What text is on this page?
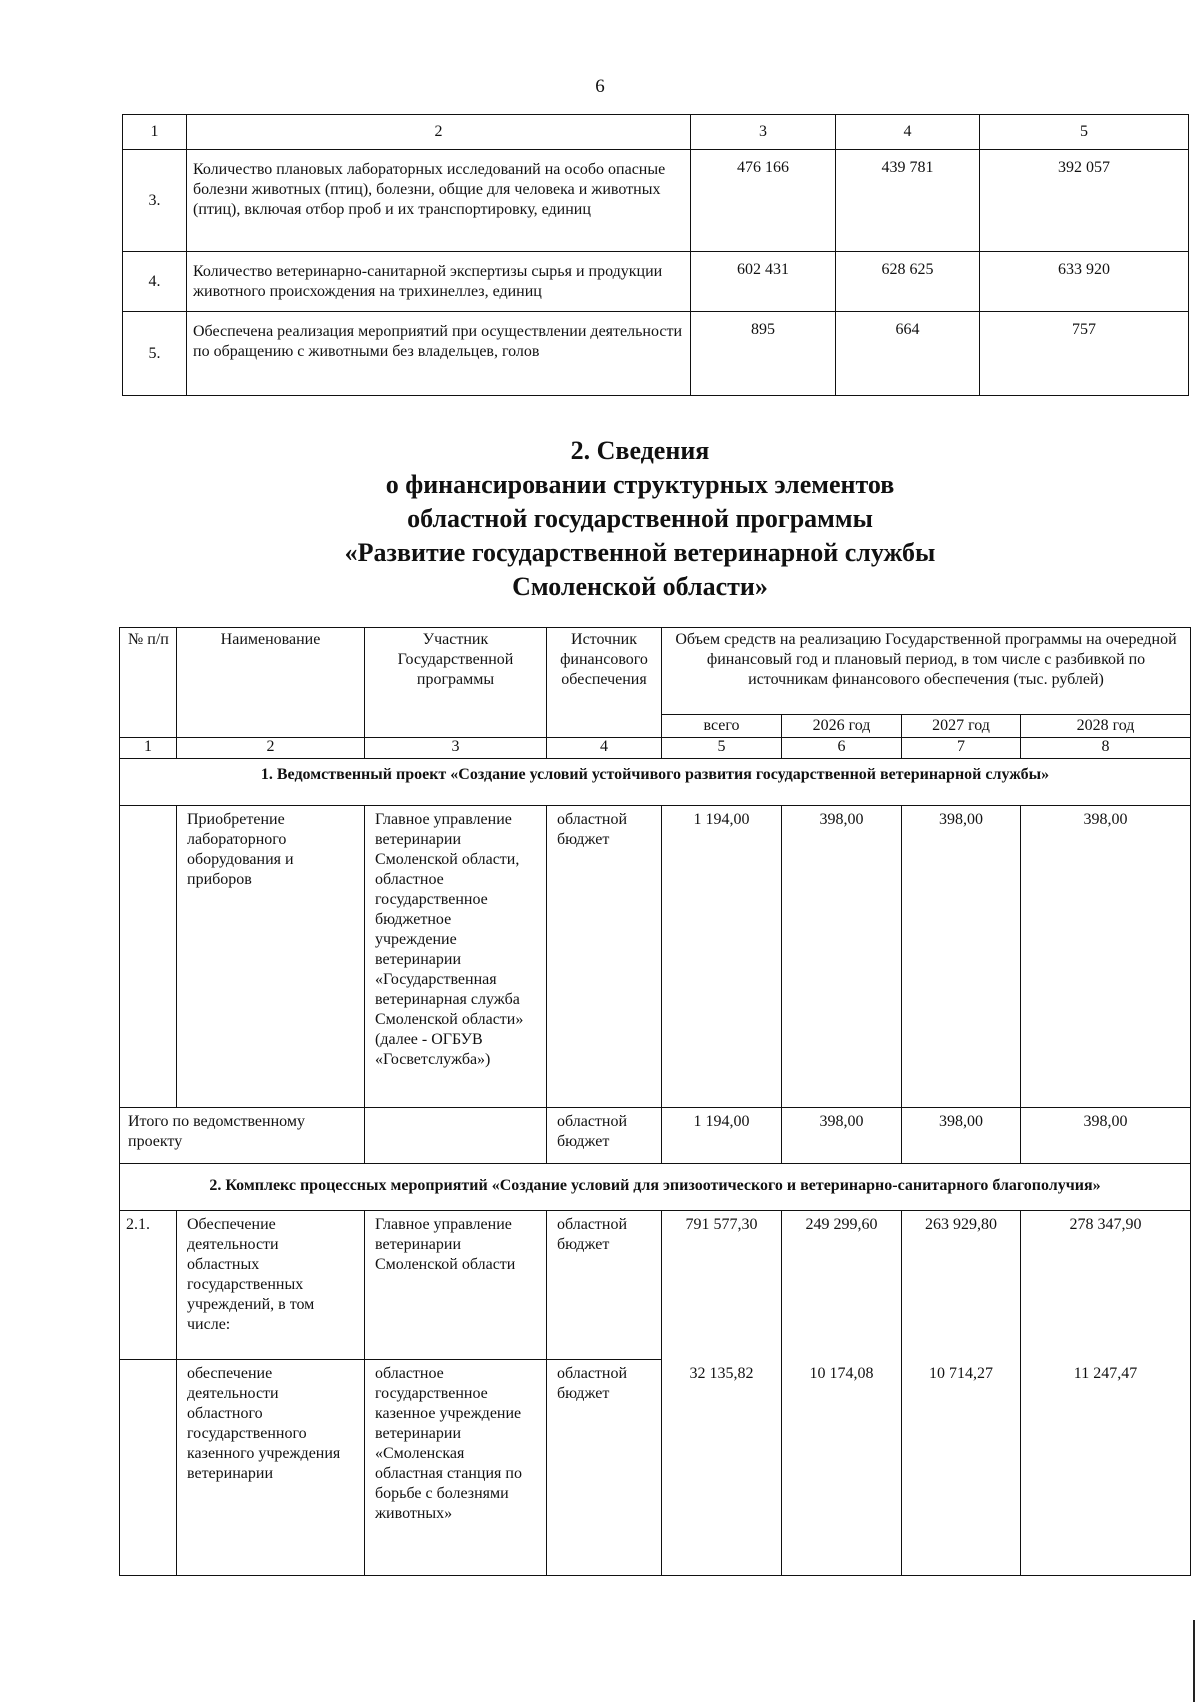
6
1	2	3	4	5
3.	Количество плановых лабораторных исследований на особо опасные болезни животных (птиц), болезни, общие для человека и животных (птиц), включая отбор проб и их транспортировку, единиц	476 166	439 781	392 057
4.	Количество ветеринарно-санитарной экспертизы сырья и продукции животного происхождения на трихинеллез, единиц	602 431	628 625	633 920
5.	Обеспечена реализация мероприятий при осуществлении деятельности по обращению с животными без владельцев, голов	895	664	757
2. Сведения
о финансировании структурных элементов
областной государственной программы
«Развитие государственной ветеринарной службы
Смоленской области»
№ п/п	Наименование	Участник Государственной программы	Источник финансового обеспечения	Объем средств на реализацию Государственной программы на очередной финансовый год и плановый период, в том числе с разбивкой по источникам финансового обеспечения (тыс. рублей)			
				всего	2026 год	2027 год	2028 год
1	2	3	4	5	6	7	8
1. Ведомственный проект «Создание условий устойчивого развития государственной ветеринарной службы»							
	Приобретение лабораторного оборудования и приборов	Главное управление ветеринарии Смоленской области, областное государственное бюджетное учреждение ветеринарии «Государственная ветеринарная служба Смоленской области» (далее - ОГБУВ «Госветслужба»)	областной бюджет	1 194,00	398,00	398,00	398,00
Итого по ведомственному проекту			областной бюджет	1 194,00	398,00	398,00	398,00
2. Комплекс процессных мероприятий «Создание условий для эпизоотического и ветеринарно-санитарного благополучия»							
2.1.	Обеспечение деятельности областных государственных учреждений, в том числе:	Главное управление ветеринарии Смоленской области	областной бюджет	791 577,30	249 299,60	263 929,80	278 347,90
	обеспечение деятельности областного государственного казенного учреждения ветеринарии	областное государственное казенное учреждение ветеринарии «Смоленская областная станция по борьбе с болезнями животных»	областной бюджет	32 135,82	10 174,08	10 714,27	11 247,47
